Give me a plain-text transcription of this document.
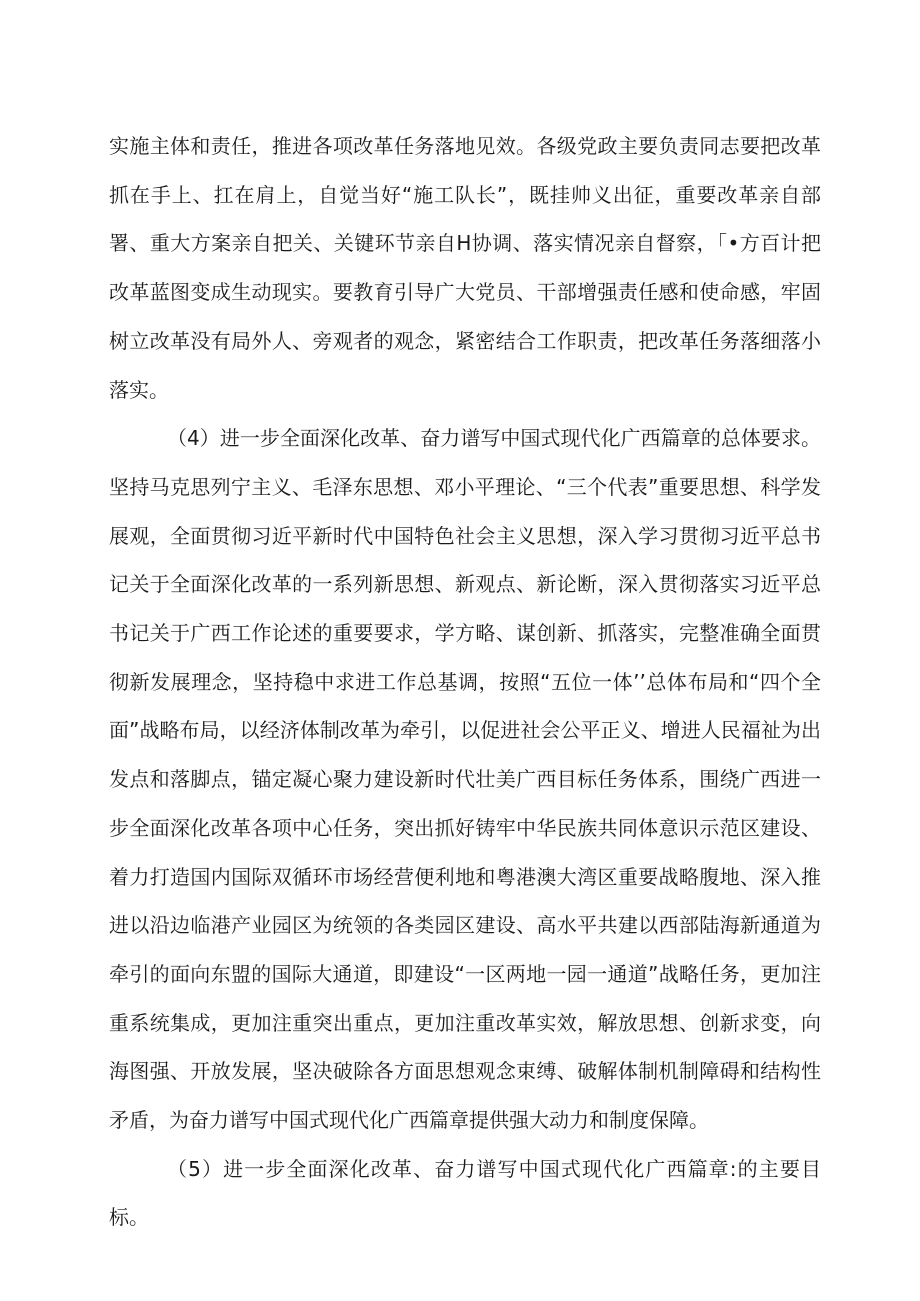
实施主体和责任，推进各项改革任务落地见效。各级党政主要负责同志要把改革抓在手上、扛在肩上，自觉当好“施工队长”，既挂帅义出征，重要改革亲自部署、重大方案亲自把关、关键环节亲自H协调、落实情况亲自督察，「•方百计把改革蓝图变成生动现实。要教育引导广大党员、干部增强责任感和使命感，牢固树立改革没有局外人、旁观者的观念，紧密结合工作职责，把改革任务落细落小落实。

（4）进一步全面深化改革、奋力谱写中国式现代化广西篇章的总体要求。坚持马克思列宁主义、毛泽东思想、邓小平理论、“三个代表”重要思想、科学发展观，全面贯彻习近平新时代中国特色社会主义思想，深入学习贯彻习近平总书记关于全面深化改革的一系列新思想、新观点、新论断，深入贯彻落实习近平总书记关于广西工作论述的重要要求，学方略、谋创新、抓落实，完整准确全面贯彻新发展理念，坚持稳中求进工作总基调，按照“五位一体’’总体布局和“四个全面”战略布局，以经济体制改革为牵引，以促进社会公平正义、增进人民福祉为出发点和落脚点，锚定凝心聚力建设新时代壮美广西目标任务体系，围绕广西进一步全面深化改革各项中心任务，突出抓好铸牢中华民族共同体意识示范区建设、着力打造国内国际双循环市场经营便利地和粤港澳大湾区重要战略腹地、深入推进以沿边临港产业园区为统领的各类园区建设、高水平共建以西部陆海新通道为牵引的面向东盟的国际大通道，即建设“一区两地一园一通道”战略任务，更加注重系统集成，更加注重突出重点，更加注重改革实效，解放思想、创新求变，向海图强、开放发展，坚决破除各方面思想观念束缚、破解体制机制障碍和结构性矛盾，为奋力谱写中国式现代化广西篇章提供强大动力和制度保障。

（5）进一步全面深化改革、奋力谱写中国式现代化广西篇章:的主要目标。
